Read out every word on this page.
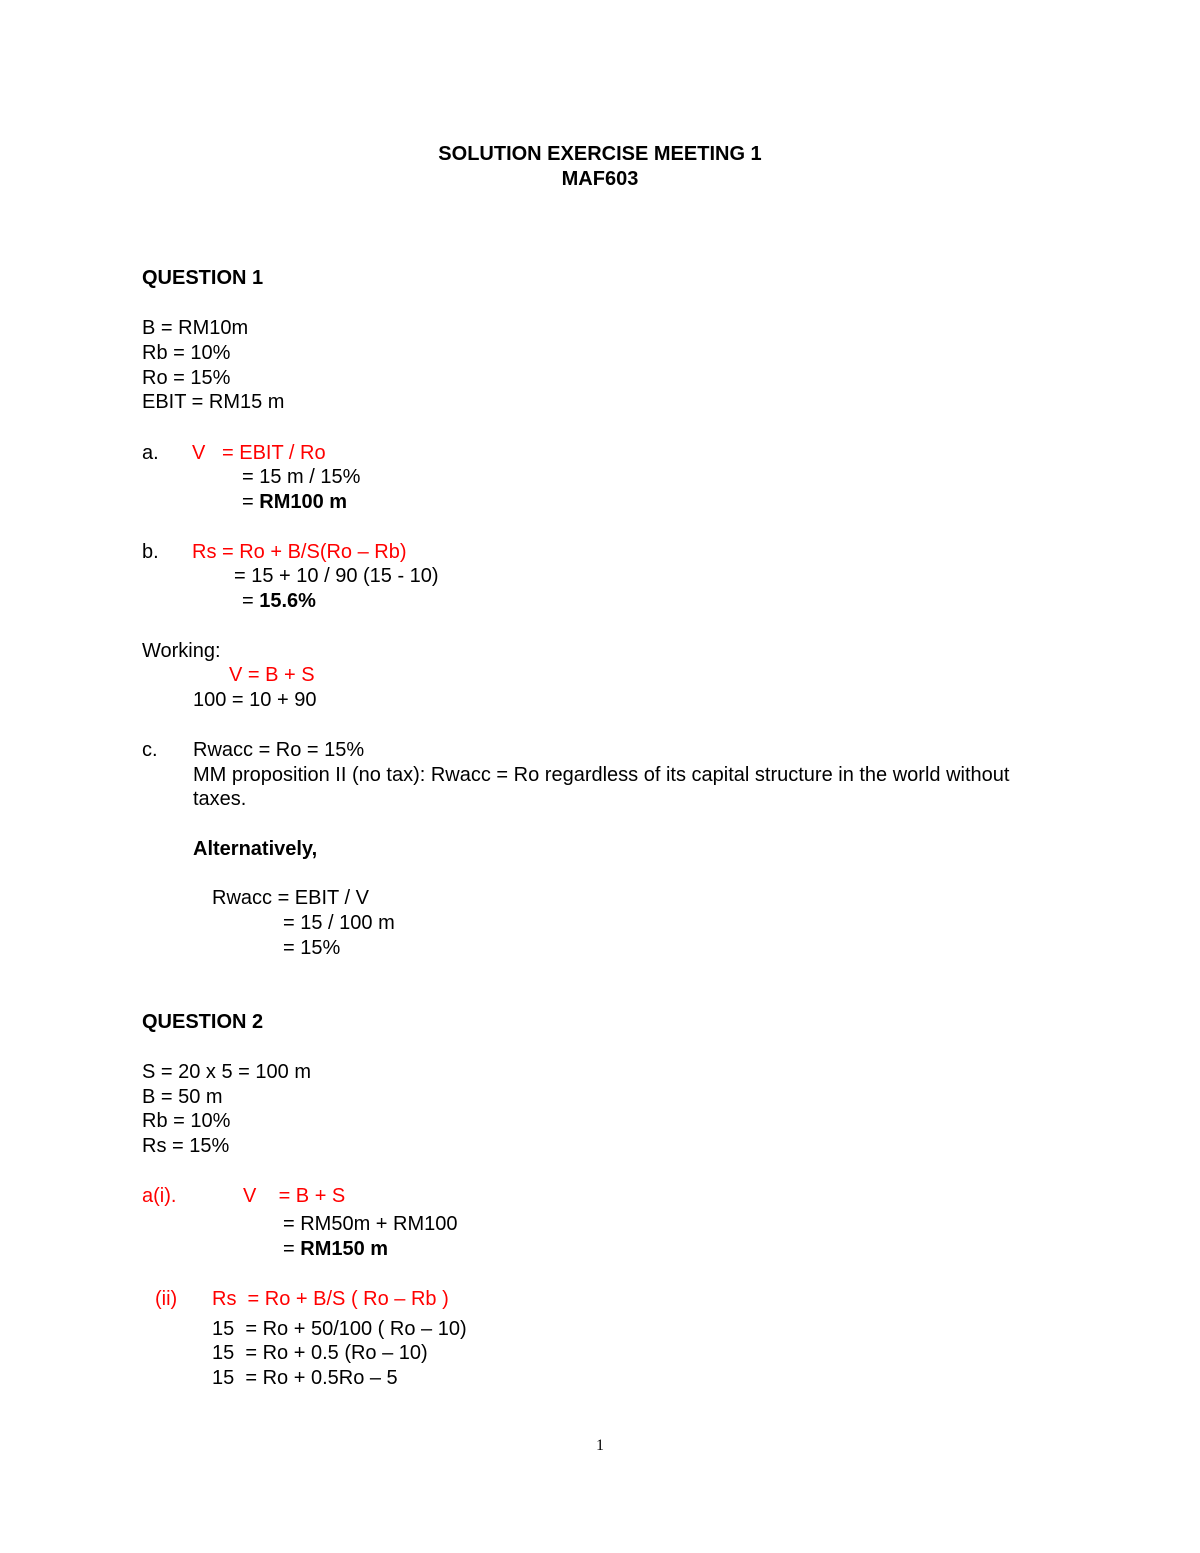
SOLUTION EXERCISE MEETING 1
MAF603
QUESTION 1
B = RM10m
Rb = 10%
Ro = 15%
EBIT = RM15 m
a. V   = EBIT / Ro
= 15 m / 15%
= RM100 m
b. Rs = Ro + B/S(Ro – Rb)
= 15 + 10 / 90 (15 - 10)
= 15.6%
Working:
V = B + S
100 = 10 + 90
c. Rwacc = Ro = 15%
MM proposition II (no tax): Rwacc = Ro regardless of its capital structure in the world without
taxes.
Alternatively,
Rwacc = EBIT / V
= 15 / 100 m
= 15%
QUESTION 2
S = 20 x 5 = 100 m
B = 50 m
Rb = 10%
Rs = 15%
a(i).	V    = B + S
= RM50m + RM100
= RM150 m
(ii) Rs  = Ro + B/S ( Ro – Rb )
15  = Ro + 50/100 ( Ro – 10)
15  = Ro + 0.5 (Ro – 10)
15  = Ro + 0.5Ro – 5
1
